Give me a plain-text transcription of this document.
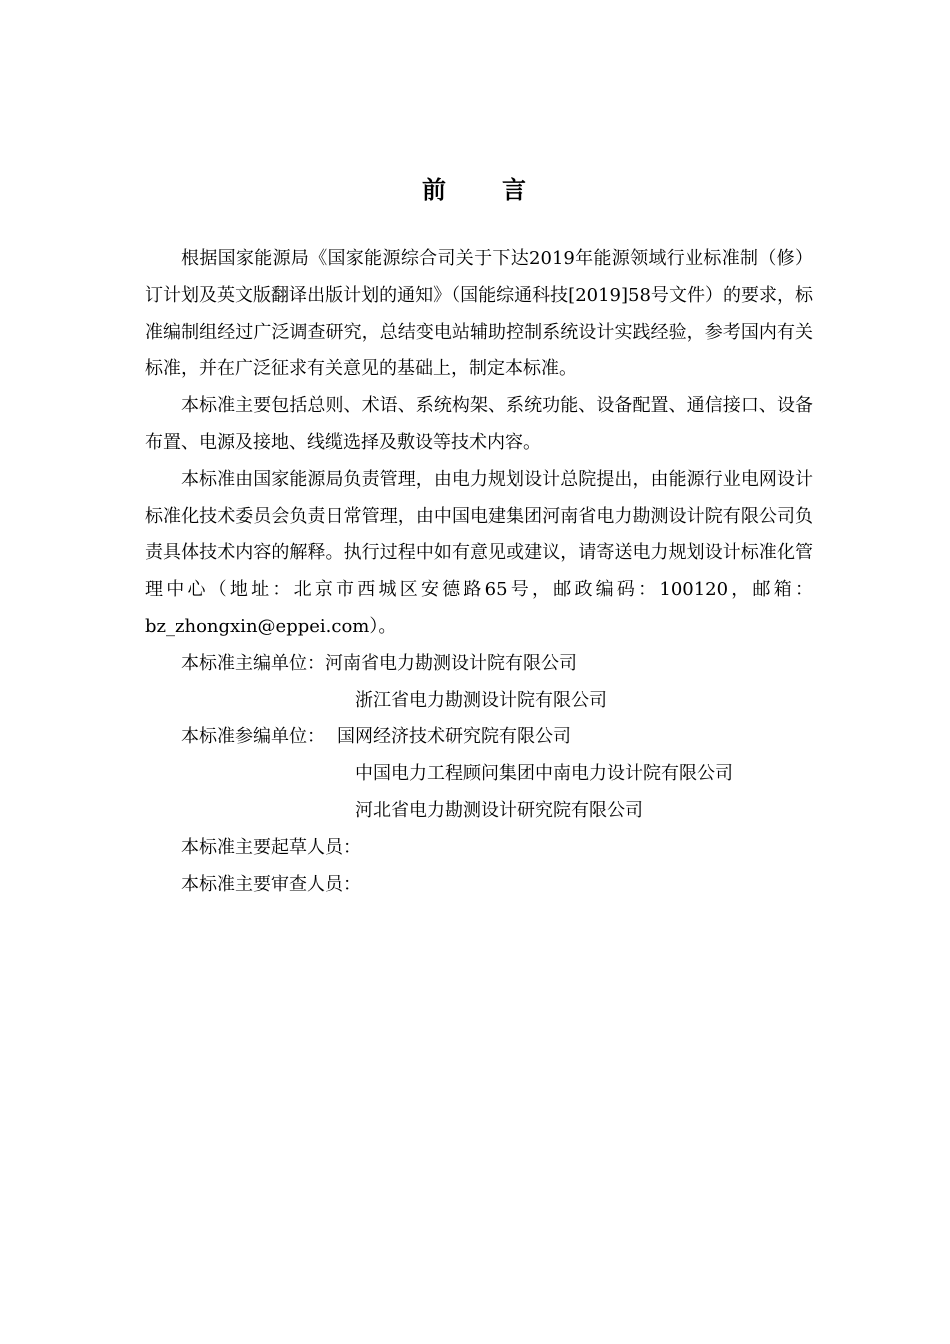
前 言

根据国家能源局《国家能源综合司关于下达2019年能源领域行业标准制（修）订计划及英文版翻译出版计划的通知》（国能综通科技[2019]58号文件）的要求，标准编制组经过广泛调查研究，总结变电站辅助控制系统设计实践经验，参考国内有关标准，并在广泛征求有关意见的基础上，制定本标准。

本标准主要包括总则、术语、系统构架、系统功能、设备配置、通信接口、设备布置、电源及接地、线缆选择及敷设等技术内容。

本标准由国家能源局负责管理，由电力规划设计总院提出，由能源行业电网设计标准化技术委员会负责日常管理，由中国电建集团河南省电力勘测设计院有限公司负责具体技术内容的解释。执行过程中如有意见或建议，请寄送电力规划设计标准化管理中心（地址：北京市西城区安德路65号，邮政编码：100120，邮箱：bz_zhongxin@eppei.com）。

本标准主编单位： 河南省电力勘测设计院有限公司
浙江省电力勘测设计院有限公司
本标准参编单位： 国网经济技术研究院有限公司
中国电力工程顾问集团中南电力设计院有限公司
河北省电力勘测设计研究院有限公司
本标准主要起草人员：
本标准主要审查人员：
